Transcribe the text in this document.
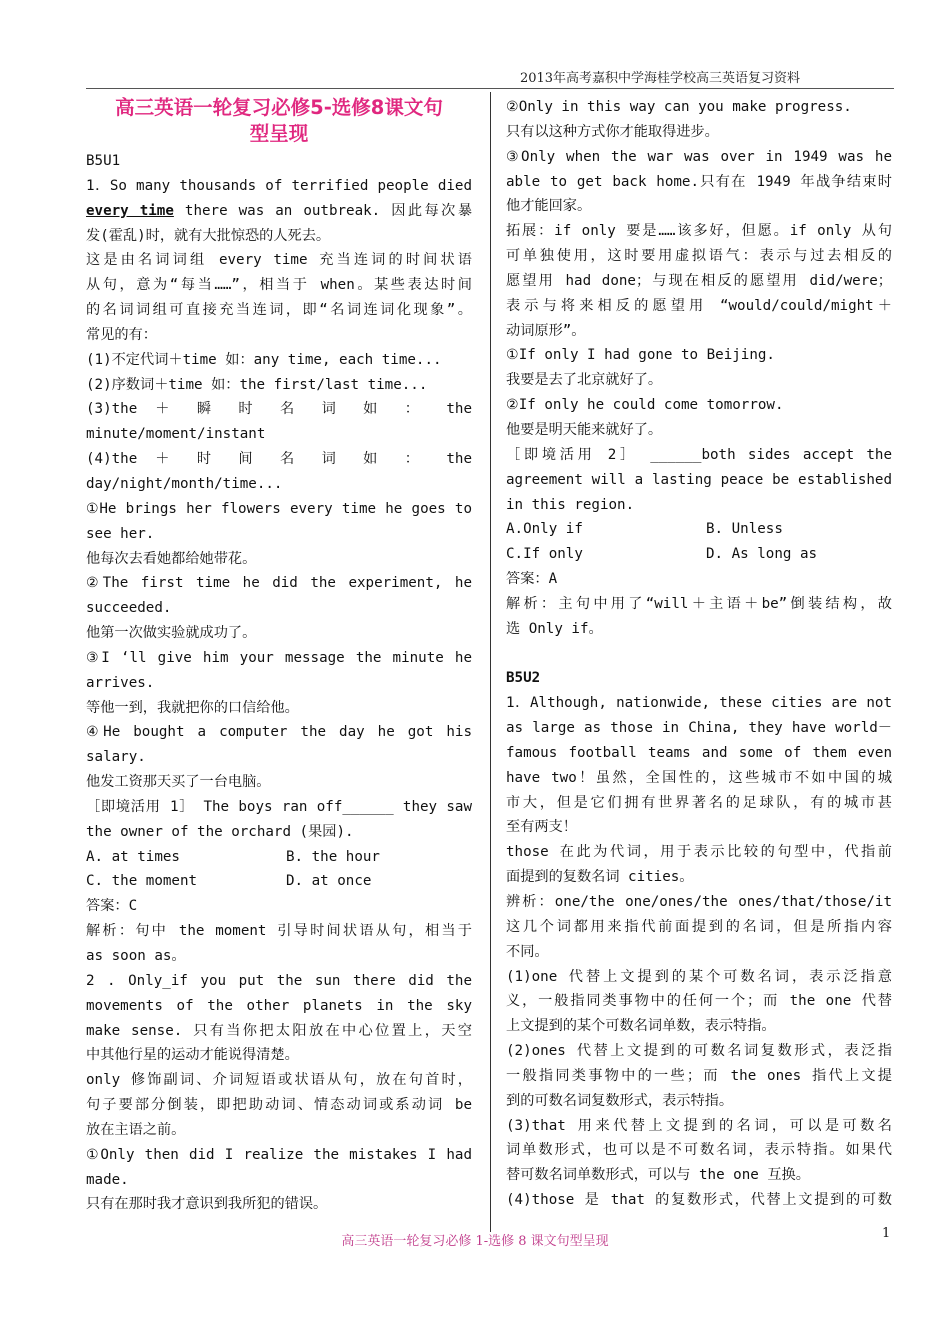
2013年高考嘉积中学海桂学校高三英语复习资料
高三英语一轮复习必修5-选修8课文句
型呈现
B5U1
1．So many thousands of terrified people died
every time there was an outbreak. 因此每次暴
发(霍乱)时，就有大批惊恐的人死去。
这是由名词词组 every time 充当连词的时间状语
从句，意为“每当……”，相当于 when。某些表达时间
的名词词组可直接充当连词，即“名词连词化现象”。
常见的有：
(1)不定代词＋time 如：any time, each time...
(2)序数词＋time 如：the first/last time...
(3)the ＋ 瞬 时 名 词 如 ： the
minute/moment/instant
(4)the ＋ 时 间 名 词 如 ： the
day/night/month/time...
①He brings her flowers every time he goes to
see her.
他每次去看她都给她带花。
②The first time he did the experiment, he
succeeded.
他第一次做实验就成功了。
③I ‘ll give him your message the minute he
arrives.
等他一到，我就把你的口信给他。
④He bought a computer the day he got his
salary.
他发工资那天买了一台电脑。
［即境活用 1］ The boys ran off______ they saw
the owner of the orchard (果园).
A. at times	B. the hour
C. the moment	D. at once
答案：C
解析：句中 the moment 引导时间状语从句，相当于
as soon as。
2 . Only_if you put the sun there did the
movements of the other planets in the sky
make sense. 只有当你把太阳放在中心位置上，天空
中其他行星的运动才能说得清楚。
only 修饰副词、介词短语或状语从句，放在句首时，
句子要部分倒装，即把助动词、情态动词或系动词 be
放在主语之前。
①Only then did I realize the mistakes I had
made.
只有在那时我才意识到我所犯的错误。
②Only in this way can you make progress.
只有以这种方式你才能取得进步。
③Only when the war was over in 1949 was he
able to get back home.只有在 1949 年战争结束时
他才能回家。
拓展：if only 要是……该多好，但愿。if only 从句
可单独使用，这时要用虚拟语气：表示与过去相反的
愿望用 had done；与现在相反的愿望用 did/were；
表示与将来相反的愿望用 “would/could/might＋
动词原形”。
①If only I had gone to Beijing.
我要是去了北京就好了。
②If only he could come tomorrow.
他要是明天能来就好了。
［即境活用 2］ ______both sides accept the
agreement will a lasting peace be established
in this region.
A.Only if	B. Unless
C.If only	D. As long as
答案：A
解析：主句中用了“will＋主语＋be”倒装结构，故
选 Only if。
B5U2
1．Although, nationwide, these cities are not
as large as those in China, they have world－
famous football teams and some of them even
have two！虽然，全国性的，这些城市不如中国的城
市大，但是它们拥有世界著名的足球队，有的城市甚
至有两支！
those 在此为代词，用于表示比较的句型中，代指前
面提到的复数名词 cities。
辨析：one/the one/ones/the ones/that/those/it
这几个词都用来指代前面提到的名词，但是所指内容
不同。
(1)one 代替上文提到的某个可数名词，表示泛指意
义，一般指同类事物中的任何一个；而 the one 代替
上文提到的某个可数名词单数，表示特指。
(2)ones 代替上文提到的可数名词复数形式，表泛指
一般指同类事物中的一些；而 the ones 指代上文提
到的可数名词复数形式，表示特指。
(3)that 用来代替上文提到的名词，可以是可数名
词单数形式，也可以是不可数名词，表示特指。如果代
替可数名词单数形式，可以与 the one 互换。
(4)those 是 that 的复数形式，代替上文提到的可数
高三英语一轮复习必修 1-选修 8 课文句型呈现
1
